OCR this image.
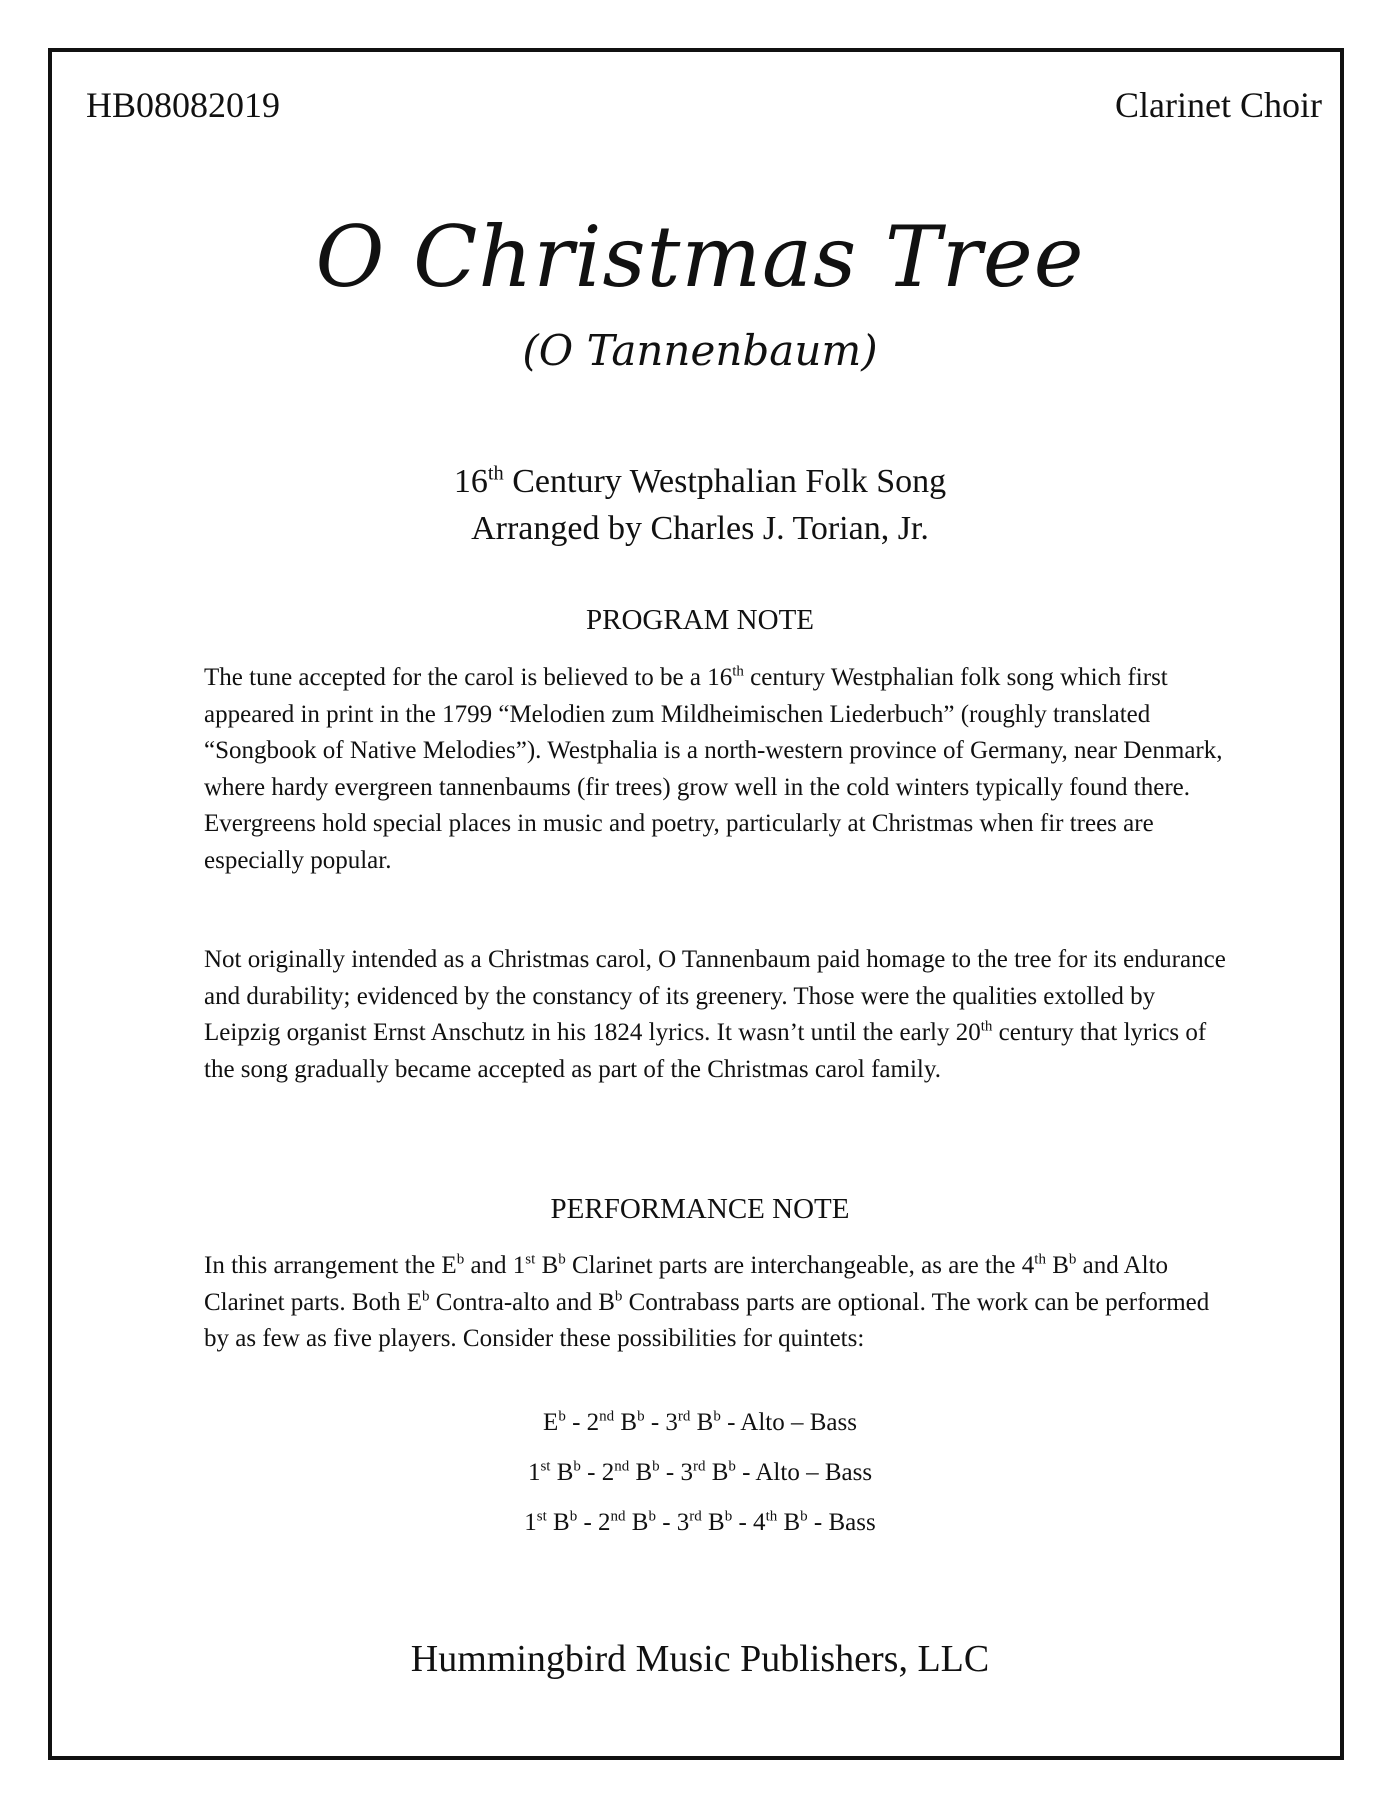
HB08082019	Clarinet Choir
O Christmas Tree
(O Tannenbaum)
16th Century Westphalian Folk Song
Arranged by Charles J. Torian, Jr.
PROGRAM NOTE
The tune accepted for the carol is believed to be a 16th century Westphalian folk song which first appeared in print in the 1799 “Melodien zum Mildheimischen Liederbuch” (roughly translated “Songbook of Native Melodies”). Westphalia is a north-western province of Germany, near Denmark, where hardy evergreen tannenbaums (fir trees) grow well in the cold winters typically found there. Evergreens hold special places in music and poetry, particularly at Christmas when fir trees are especially popular.
Not originally intended as a Christmas carol, O Tannenbaum paid homage to the tree for its endurance and durability; evidenced by the constancy of its greenery. Those were the qualities extolled by Leipzig organist Ernst Anschutz in his 1824 lyrics. It wasn’t until the early 20th century that lyrics of the song gradually became accepted as part of the Christmas carol family.
PERFORMANCE NOTE
In this arrangement the $E^b$ and 1st $B^b$ Clarinet parts are interchangeable, as are the 4th $B^b$ and Alto Clarinet parts. Both $E^b$ Contra-alto and $B^b$ Contrabass parts are optional. The work can be performed by as few as five players. Consider these possibilities for quintets:
$E^b - 2nd$ $B^b - 3rd$ $B^b$ - Alto – Bass
1st $B^b - 2nd$ $B^b - 3rd$ $B^b$ - Alto – Bass
1st $B^b - 2nd$ $B^b - 3rd$ $B^b - 4th$ $B^b$ - Bass
Hummingbird Music Publishers, LLC
